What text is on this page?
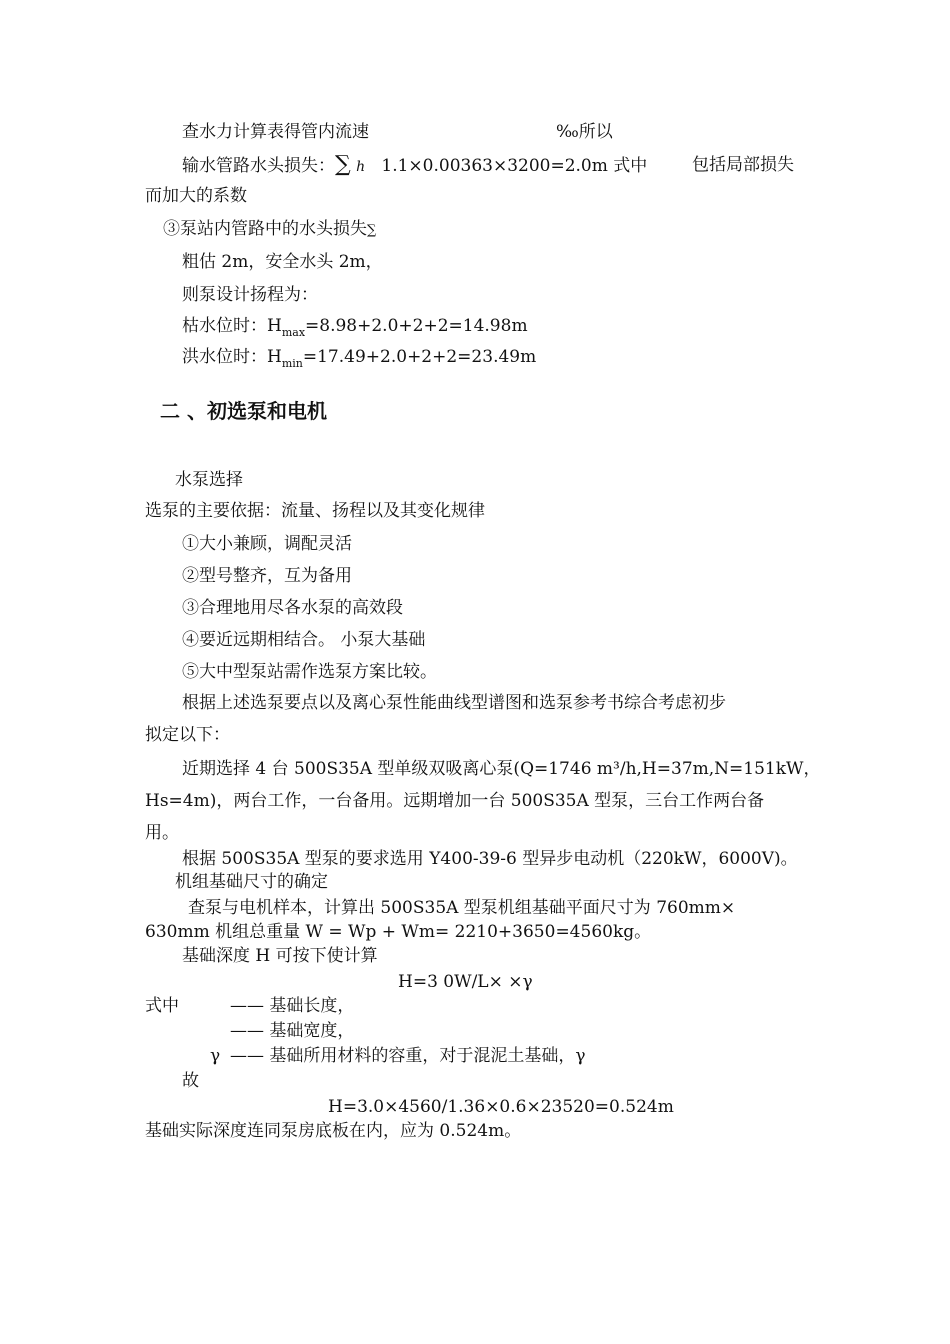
查水力计算表得管内流速	‰所以
输水管路水头损失：∑ h 1.1×0.00363×3200=2.0m 式中	包括局部损失
而加大的系数
③泵站内管路中的水头损失∑
粗估 2m，安全水头 2m，
则泵设计扬程为：
枯水位时：$H_{max}=8.98+2.0+2+2=14.98m$
洪水位时：$H_{min}=17.49+2.0+2+2=23.49m$
二 、初选泵和电机
水泵选择
选泵的主要依据：流量、扬程以及其变化规律
①大小兼顾，调配灵活
②型号整齐，互为备用
③合理地用尽各水泵的高效段
④要近远期相结合。 小泵大基础
⑤大中型泵站需作选泵方案比较。
根据上述选泵要点以及离心泵性能曲线型谱图和选泵参考书综合考虑初步
拟定以下：
近期选择 4 台 500S35A 型单级双吸离心泵(Q=1746 m³/h,H=37m,N=151kW，
Hs=4m)，两台工作，一台备用。远期增加一台 500S35A 型泵，三台工作两台备
用。
根据 500S35A 型泵的要求选用 Y400-39-6 型异步电动机（220kW，6000V)。
机组基础尺寸的确定
查泵与电机样本，计算出 500S35A 型泵机组基础平面尺寸为 760mm×
630mm 机组总重量 W = Wp + Wm= 2210+3650=4560kg。
基础深度 H 可按下使计算
H=3 0W/L× ×γ
式中	—— 基础长度，
—— 基础宽度，
γ —— 基础所用材料的容重，对于混泥土基础，γ
故
H=3.0×4560/1.36×0.6×23520=0.524m
基础实际深度连同泵房底板在内，应为 0.524m。
